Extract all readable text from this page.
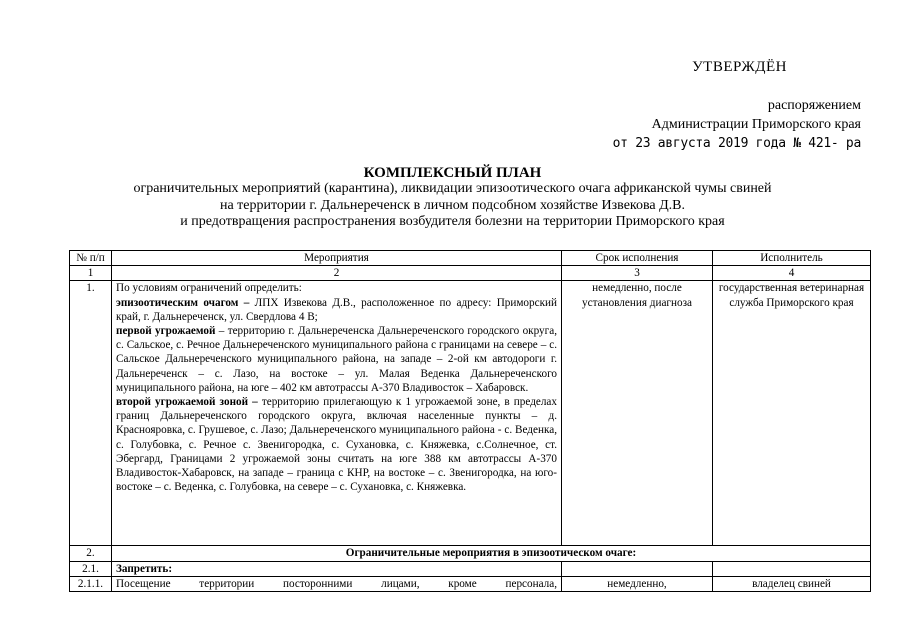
УТВЕРЖДЁН
распоряжением
Администрации Приморского края
от 23 августа 2019 года № 421- ра
КОМПЛЕКСНЫЙ ПЛАН
ограничительных мероприятий (карантина), ликвидации эпизоотического очага африканской чумы свиней
на территории г. Дальнереченск в личном подсобном хозяйстве Извекова Д.В.
и предотвращения распространения возбудителя болезни на территории Приморского края
№ п/п	Мероприятия	Срок исполнения	Исполнитель
1	2	3	4
1.	По условиям ограничений определить:
эпизоотическим очагом – ЛПХ Извекова Д.В., расположенное по адресу: Приморский край, г. Дальнереченск, ул. Свердлова 4 В;
первой угрожаемой – территорию г. Дальнереченска Дальнереченского городского округа, с. Сальское, с. Речное Дальнереченского муниципального района с границами на севере – с. Сальское Дальнереченского муниципального района, на западе – 2-ой км автодороги г. Дальнереченск – с. Лазо, на востоке – ул. Малая Веденка Дальнереченского муниципального района, на юге – 402 км автотрассы А-370 Владивосток – Хабаровск.
второй угрожаемой зоной – территорию прилегающую к 1 угрожаемой зоне, в пределах границ Дальнереченского городского округа, включая населенные пункты – д. Краснояровка, с. Грушевое, с. Лазо; Дальнереченского муниципального района - с. Веденка, с. Голубовка, с. Речное с. Звенигородка, с. Сухановка, с. Княжевка, с.Солнечное, ст. Эбергард, Границами 2 угрожаемой зоны считать на юге 388 км автотрассы А-370 Владивосток-Хабаровск, на западе – граница с КНР, на востоке – с. Звенигородка, на юго-востоке – с. Веденка, с. Голубовка, на севере – с. Сухановка, с. Княжевка.	немедленно, после установления диагноза	государственная ветеринарная служба Приморского края
2.	Ограничительные мероприятия в эпизоотическом очаге:		
2.1.	Запретить:		
2.1.1.	Посещение территории посторонними лицами, кроме персонала,	немедленно,	владелец свиней
